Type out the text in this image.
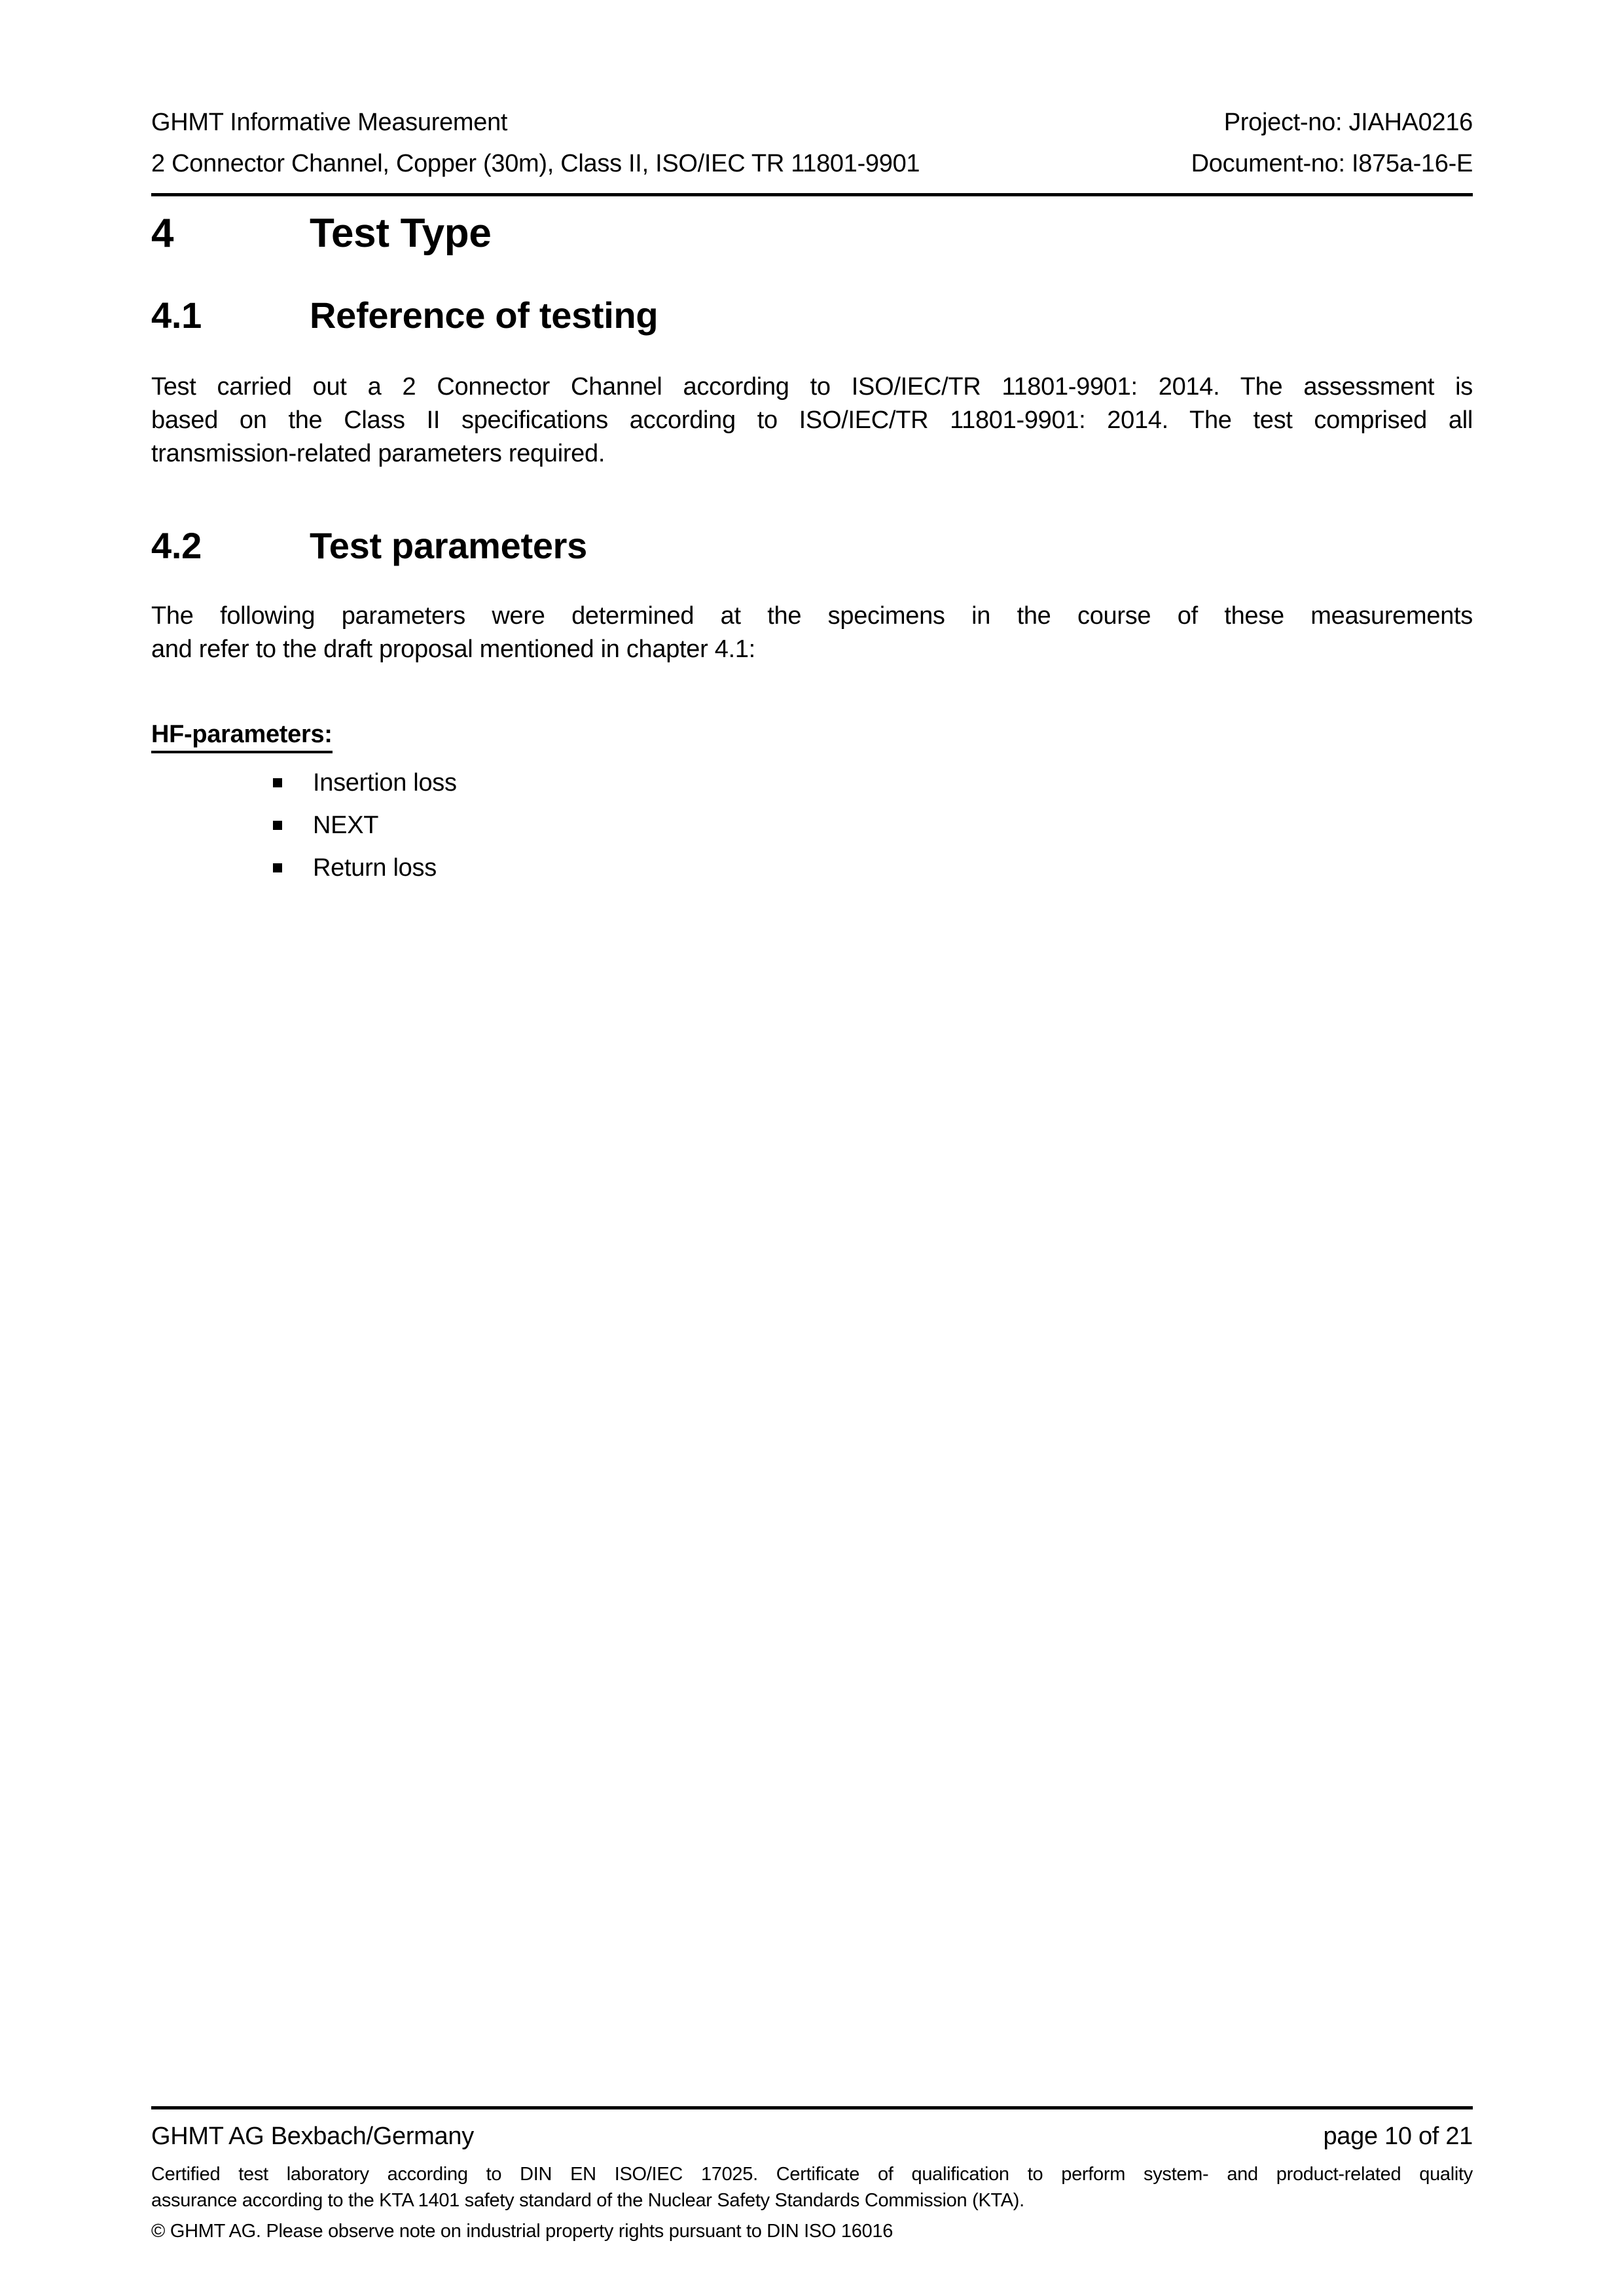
GHMT Informative Measurement	Project-no: JIAHA0216
2 Connector Channel, Copper (30m), Class II, ISO/IEC TR 11801-9901	Document-no: I875a-16-E
4	Test Type
4.1	Reference of testing
Test carried out a 2 Connector Channel according to ISO/IEC/TR 11801-9901: 2014. The assessment is
based on the Class II specifications according to ISO/IEC/TR 11801-9901: 2014. The test comprised all
transmission-related parameters required.
4.2	Test parameters
The following parameters were determined at the specimens in the course of these measurements
and refer to the draft proposal mentioned in chapter 4.1:
HF-parameters:
Insertion loss
NEXT
Return loss
GHMT AG Bexbach/Germany	page 10 of 21
Certified test laboratory according to DIN EN ISO/IEC 17025. Certificate of qualification to perform system- and product-related quality
assurance according to the KTA 1401 safety standard of the Nuclear Safety Standards Commission (KTA).
© GHMT AG. Please observe note on industrial property rights pursuant to DIN ISO 16016
